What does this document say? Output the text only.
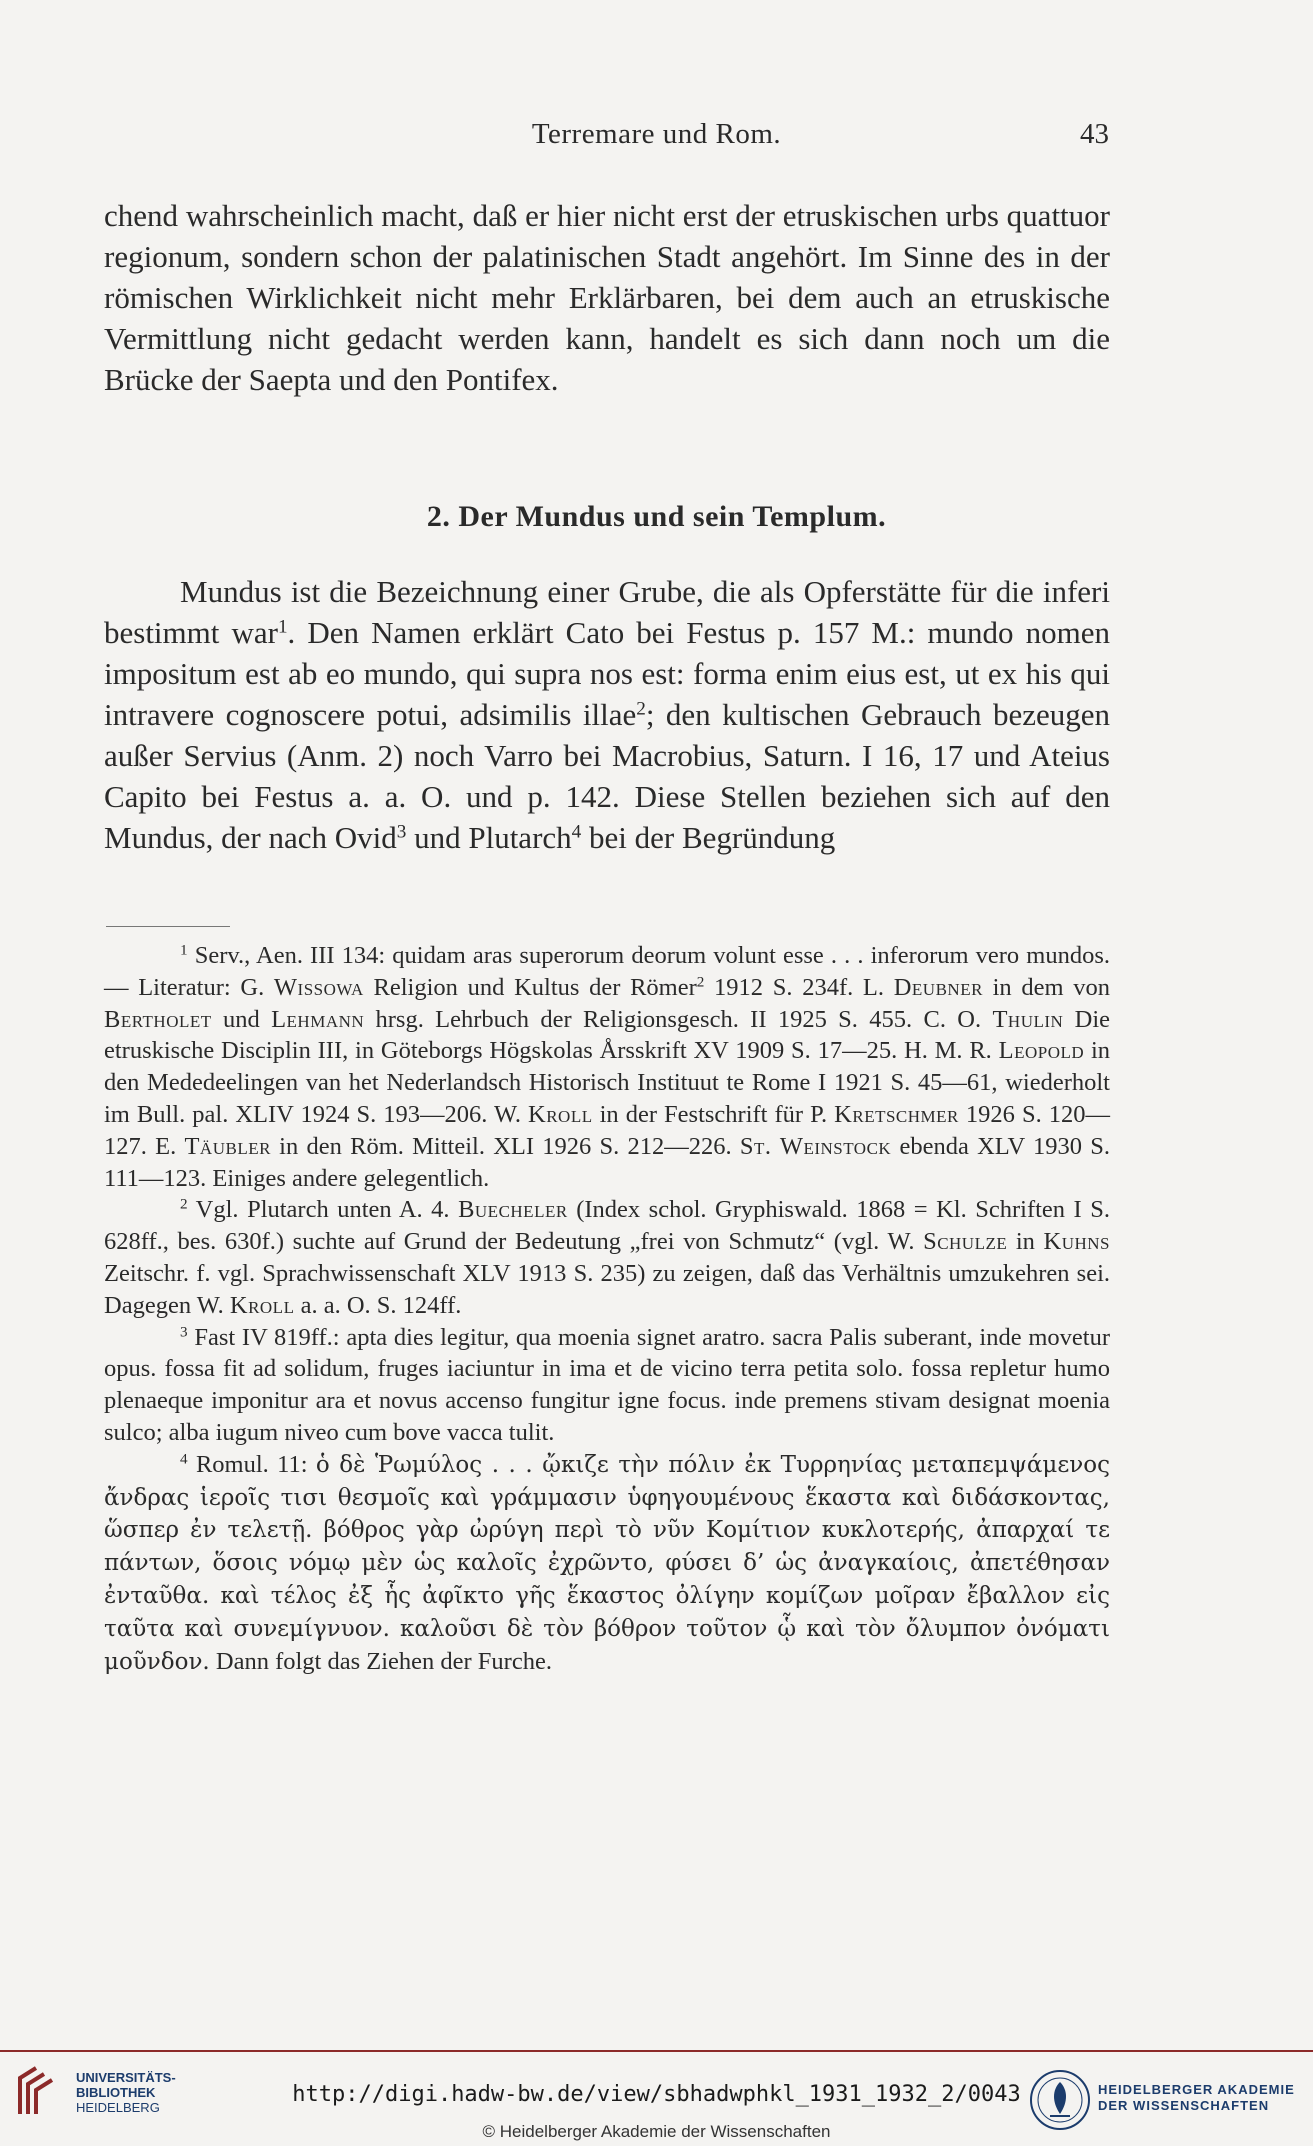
Terremare und Rom.	43
chend wahrscheinlich macht, daß er hier nicht erst der etruskischen urbs quattuor regionum, sondern schon der palatinischen Stadt angehört. Im Sinne des in der römischen Wirklichkeit nicht mehr Erklärbaren, bei dem auch an etruskische Vermittlung nicht gedacht werden kann, handelt es sich dann noch um die Brücke der Saepta und den Pontifex.
2. Der Mundus und sein Templum.
Mundus ist die Bezeichnung einer Grube, die als Opferstätte für die inferi bestimmt war$^1$. Den Namen erklärt Cato bei Festus p. 157 M.: mundo nomen impositum est ab eo mundo, qui supra nos est: forma enim eius est, ut ex his qui intravere cognoscere potui, adsimilis illae$^2$; den kultischen Gebrauch bezeugen außer Servius (Anm. 2) noch Varro bei Macrobius, Saturn. I 16, 17 und Ateius Capito bei Festus a. a. O. und p. 142. Diese Stellen beziehen sich auf den Mundus, der nach Ovid$^3$ und Plutarch$^4$ bei der Begründung

$^1$ Serv., Aen. III 134: quidam aras superorum deorum volunt esse . . . inferorum vero mundos. — Literatur: G. Wissowa Religion und Kultus der Römer$^2$ 1912 S. 234f. L. Deubner in dem von Bertholet und Lehmann hrsg. Lehrbuch der Religionsgesch. II 1925 S. 455. C. O. Thulin Die etruskische Disciplin III, in Göteborgs Högskolas Årsskrift XV 1909 S. 17—25. H. M. R. Leopold in den Mededeelingen van het Nederlandsch Historisch Instituut te Rome I 1921 S. 45—61, wiederholt im Bull. pal. XLIV 1924 S. 193—206. W. Kroll in der Festschrift für P. Kretschmer 1926 S. 120—127. E. Täubler in den Röm. Mitteil. XLI 1926 S. 212—226. St. Weinstock ebenda XLV 1930 S. 111—123. Einiges andere gelegentlich.

$^2$ Vgl. Plutarch unten A. 4. Buecheler (Index schol. Gryphiswald. 1868 = Kl. Schriften I S. 628ff., bes. 630f.) suchte auf Grund der Bedeutung „frei von Schmutz“ (vgl. W. Schulze in Kuhns Zeitschr. f. vgl. Sprachwissenschaft XLV 1913 S. 235) zu zeigen, daß das Verhältnis umzukehren sei. Dagegen W. Kroll a. a. O. S. 124ff.

$^3$ Fast IV 819ff.: apta dies legitur, qua moenia signet aratro. sacra Palis suberant, inde movetur opus. fossa fit ad solidum, fruges iaciuntur in ima et de vicino terra petita solo. fossa repletur humo plenaeque imponitur ara et novus accenso fungitur igne focus. inde premens stivam designat moenia sulco; alba iugum niveo cum bove vacca tulit.

$^4$ Romul. 11: ὁ δὲ Ῥωμύλος . . . ᾤκιζε τὴν πόλιν ἐκ Τυρρηνίας μεταπεμψάμενος ἄνδρας ἱεροῖς τισι θεσμοῖς καὶ γράμμασιν ὑφηγουμένους ἕκαστα καὶ διδάσκοντας, ὥσπερ ἐν τελετῇ. βόθρος γὰρ ὠρύγη περὶ τὸ νῦν Κομίτιον κυκλοτερής, ἀπαρχαί τε πάντων, ὅσοις νόμῳ μὲν ὡς καλοῖς ἐχρῶντο, φύσει δ’ ὡς ἀναγκαίοις, ἀπετέθησαν ἐνταῦθα. καὶ τέλος ἐξ ἧς ἀφῖκτο γῆς ἕκαστος ὀλίγην κομίζων μοῖραν ἔβαλλον εἰς ταῦτα καὶ συνεμίγνυον. καλοῦσι δὲ τὸν βόθρον τοῦτον ᾧ καὶ τὸν ὄλυμπον ὀνόματι μοῦνδον. Dann folgt das Ziehen der Furche.

UNIVERSITÄTS-
BIBLIOTHEK
HEIDELBERG
http://digi.hadw-bw.de/view/sbhadwphkl_1931_1932_2/0043
© Heidelberger Akademie der Wissenschaften
HEIDELBERGER AKADEMIE
DER WISSENSCHAFTEN
